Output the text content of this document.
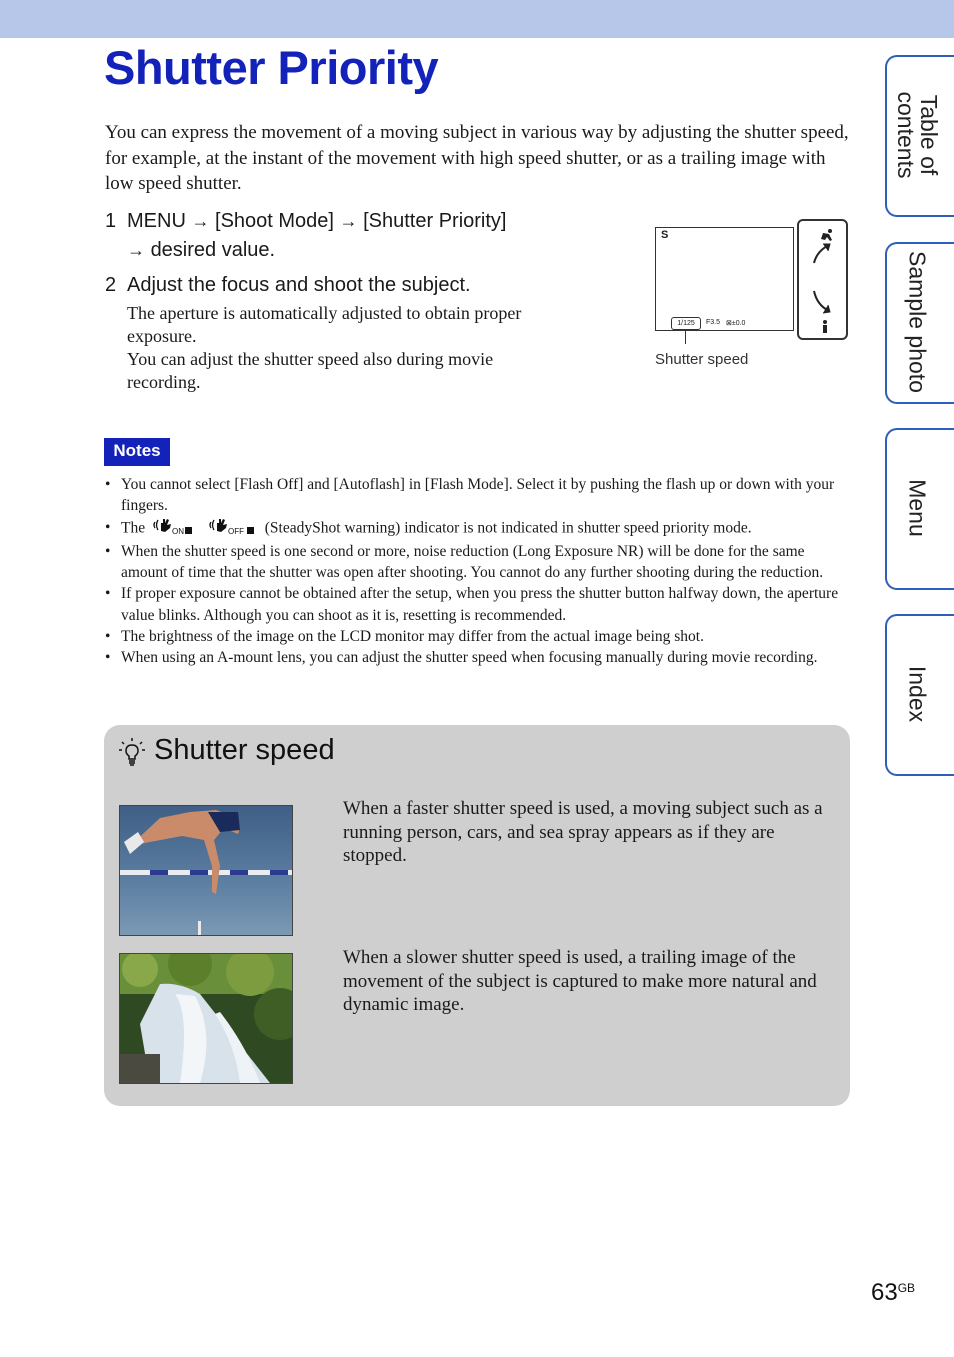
Shutter Priority

You can express the movement of a moving subject in various way by adjusting the shutter speed, for example, at the instant of the movement with high speed shutter, or as a trailing image with low speed shutter.

1 MENU → [Shoot Mode] → [Shutter Priority]
→ desired value.
2 Adjust the focus and shoot the subject.

The aperture is automatically adjusted to obtain proper exposure.

You can adjust the shutter speed also during movie recording.

S
1/125	F3.5 ⊠±0.0
Shutter speed
Notes
• You cannot select [Flash Off] and [Autoflash] in [Flash Mode]. Select it by pushing the flash up or down with your fingers.
• The	ON
	OFF (SteadyShot warning) indicator is not indicated in shutter speed priority mode.
• When the shutter speed is one second or more, noise reduction (Long Exposure NR) will be done for the same amount of time that the shutter was open after shooting. You cannot do any further shooting during the reduction.
• If proper exposure cannot be obtained after the setup, when you press the shutter button halfway down, the aperture value blinks. Although you can shoot as it is, resetting is recommended.
• The brightness of the image on the LCD monitor may differ from the actual image being shot.
• When using an A-mount lens, you can adjust the shutter speed when focusing manually during movie recording.
Shutter speed

When a faster shutter speed is used, a moving subject such as a running person, cars, and sea spray appears as if they are stopped.

When a slower shutter speed is used, a trailing image of the movement of the subject is captured to make more natural and dynamic image.

Table of contents
Sample photo
Menu
Index
$63^{GB}$
